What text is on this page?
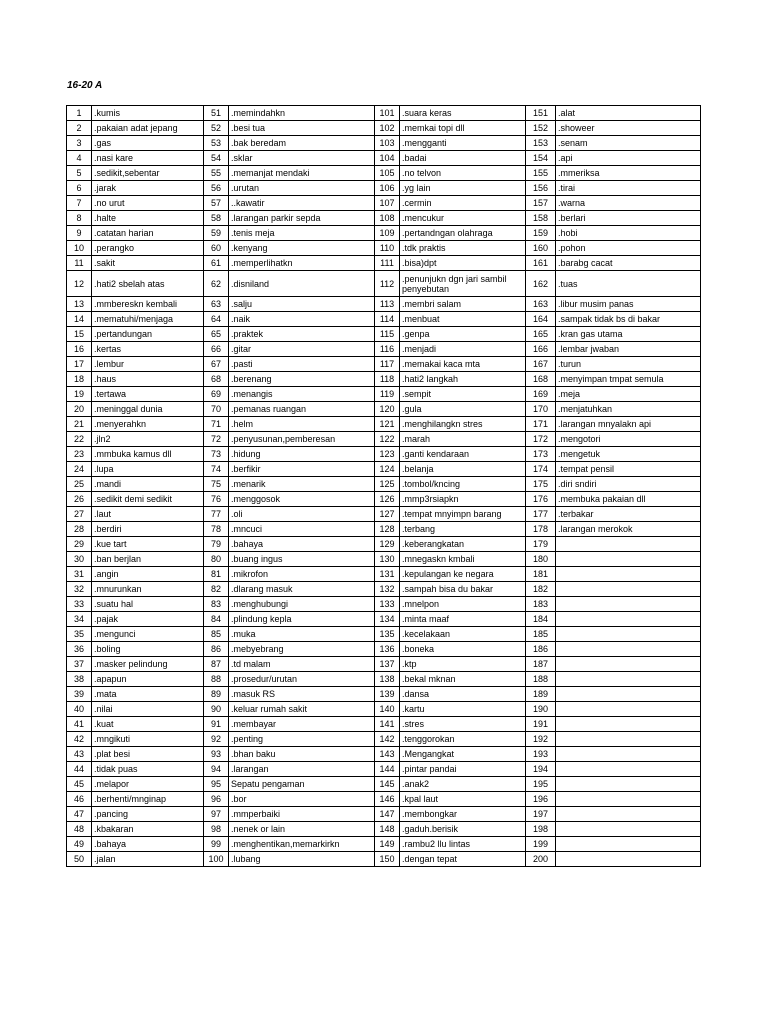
16-20 A
1	.kumis	51	.memindahkn	101	.suara keras	151	.alat
2	.pakaian adat jepang	52	.besi tua	102	.memkai topi dll	152	.showeer
3	.gas	53	.bak beredam	103	.mengganti	153	.senam
4	.nasi kare	54	.sklar	104	.badai	154	.api
5	.sedikit,sebentar	55	.memanjat mendaki	105	.no telvon	155	.mmeriksa
6	.jarak	56	.urutan	106	.yg lain	156	.tirai
7	.no urut	57	..kawatir	107	.cermin	157	.warna
8	.halte	58	.larangan parkir sepda	108	.mencukur	158	.berlari
9	.catatan harian	59	.tenis meja	109	.pertandngan olahraga	159	.hobi
10	.perangko	60	.kenyang	110	.tdk praktis	160	.pohon
11	.sakit	61	.memperlihatkn	111	.bisa)dpt	161	.barabg cacat
12	.hati2 sbelah atas	62	.disniland	112	.penunjukn dgn jari sambil penyebutan	162	.tuas
13	.mmbereskn kembali	63	.salju	113	.membri salam	163	.libur musim panas
14	.mematuhi/menjaga	64	.naik	114	.menbuat	164	.sampak tidak bs di bakar
15	.pertandungan	65	.praktek	115	.genpa	165	.kran gas utama
16	.kertas	66	.gitar	116	.menjadi	166	.lembar jwaban
17	.lembur	67	.pasti	117	.memakai kaca mta	167	.turun
18	.haus	68	.berenang	118	.hati2 langkah	168	.menyimpan tmpat semula
19	.tertawa	69	.menangis	119	.sempit	169	.meja
20	.meninggal dunia	70	.pemanas ruangan	120	.gula	170	.menjatuhkan
21	.menyerahkn	71	.helm	121	.menghilangkn stres	171	.larangan mnyalakn api
22	.jln2	72	.penyusunan,pemberesan	122	.marah	172	.mengotori
23	.mmbuka kamus dll	73	.hidung	123	.ganti kendaraan	173	.mengetuk
24	.lupa	74	.berfikir	124	.belanja	174	.tempat pensil
25	.mandi	75	.menarik	125	.tombol/kncing	175	.diri sndiri
26	.sedikit demi sedikit	76	.menggosok	126	.mmp3rsiapkn	176	.membuka pakaian dll
27	.laut	77	.oli	127	.tempat mnyimpn barang	177	.terbakar
28	.berdiri	78	.mncuci	128	.terbang	178	.larangan merokok
29	.kue tart	79	.bahaya	129	.keberangkatan	179	
30	.ban berjlan	80	.buang ingus	130	.mnegaskn kmbali	180	
31	.angin	81	.mikrofon	131	.kepulangan ke negara	181	
32	.mnurunkan	82	.dlarang masuk	132	.sampah bisa du bakar	182	
33	.suatu hal	83	.menghubungi	133	.mnelpon	183	
34	.pajak	84	.plindung kepla	134	.minta maaf	184	
35	.mengunci	85	.muka	135	.kecelakaan	185	
36	.boling	86	.mebyebrang	136	.boneka	186	
37	.masker pelindung	87	.td malam	137	.ktp	187	
38	.apapun	88	.prosedur/urutan	138	.bekal mknan	188	
39	.mata	89	.masuk RS	139	.dansa	189	
40	.nilai	90	.keluar rumah sakit	140	.kartu	190	
41	.kuat	91	.membayar	141	.stres	191	
42	.mngikuti	92	.penting	142	.tenggorokan	192	
43	.plat besi	93	.bhan baku	143	.Mengangkat	193	
44	.tidak puas	94	.larangan	144	.pintar pandai	194	
45	.melapor	95	Sepatu pengaman	145	.anak2	195	
46	.berhenti/mnginap	96	.bor	146	.kpal laut	196	
47	.pancing	97	.mmperbaiki	147	.membongkar	197	
48	.kbakaran	98	.nenek or lain	148	.gaduh.berisik	198	
49	.bahaya	99	.menghentikan,memarkirkn	149	.rambu2 llu lintas	199	
50	.jalan	100	.lubang	150	.dengan tepat	200	
